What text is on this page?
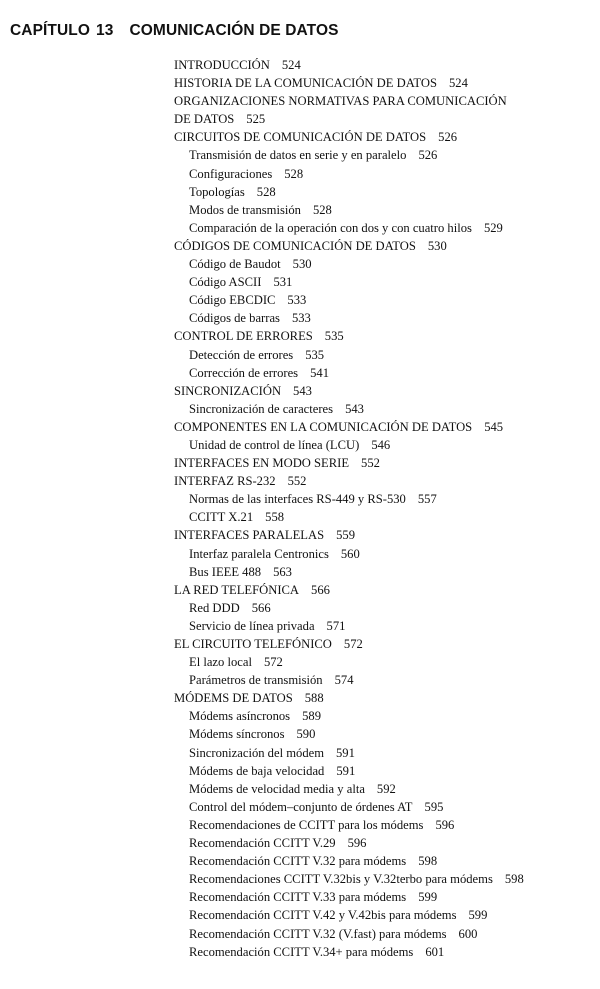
CAPÍTULO 13 COMUNICACIÓN DE DATOS
INTRODUCCIÓN 524
HISTORIA DE LA COMUNICACIÓN DE DATOS 524
ORGANIZACIONES NORMATIVAS PARA COMUNICACIÓN
DE DATOS 525
CIRCUITOS DE COMUNICACIÓN DE DATOS 526
Transmisión de datos en serie y en paralelo 526
Configuraciones 528
Topologías 528
Modos de transmisión 528
Comparación de la operación con dos y con cuatro hilos 529
CÓDIGOS DE COMUNICACIÓN DE DATOS 530
Código de Baudot 530
Código ASCII 531
Código EBCDIC 533
Códigos de barras 533
CONTROL DE ERRORES 535
Detección de errores 535
Corrección de errores 541
SINCRONIZACIÓN 543
Sincronización de caracteres 543
COMPONENTES EN LA COMUNICACIÓN DE DATOS 545
Unidad de control de línea (LCU) 546
INTERFACES EN MODO SERIE 552
INTERFAZ RS-232 552
Normas de las interfaces RS-449 y RS-530 557
CCITT X.21 558
INTERFACES PARALELAS 559
Interfaz paralela Centronics 560
Bus IEEE 488 563
LA RED TELEFÓNICA 566
Red DDD 566
Servicio de línea privada 571
EL CIRCUITO TELEFÓNICO 572
El lazo local 572
Parámetros de transmisión 574
MÓDEMS DE DATOS 588
Módems asíncronos 589
Módems síncronos 590
Sincronización del módem 591
Módems de baja velocidad 591
Módems de velocidad media y alta 592
Control del módem–conjunto de órdenes AT 595
Recomendaciones de CCITT para los módems 596
Recomendación CCITT V.29 596
Recomendación CCITT V.32 para módems 598
Recomendaciones CCITT V.32bis y V.32terbo para módems 598
Recomendación CCITT V.33 para módems 599
Recomendación CCITT V.42 y V.42bis para módems 599
Recomendación CCITT V.32 (V.fast) para módems 600
Recomendación CCITT V.34+ para módems 601
